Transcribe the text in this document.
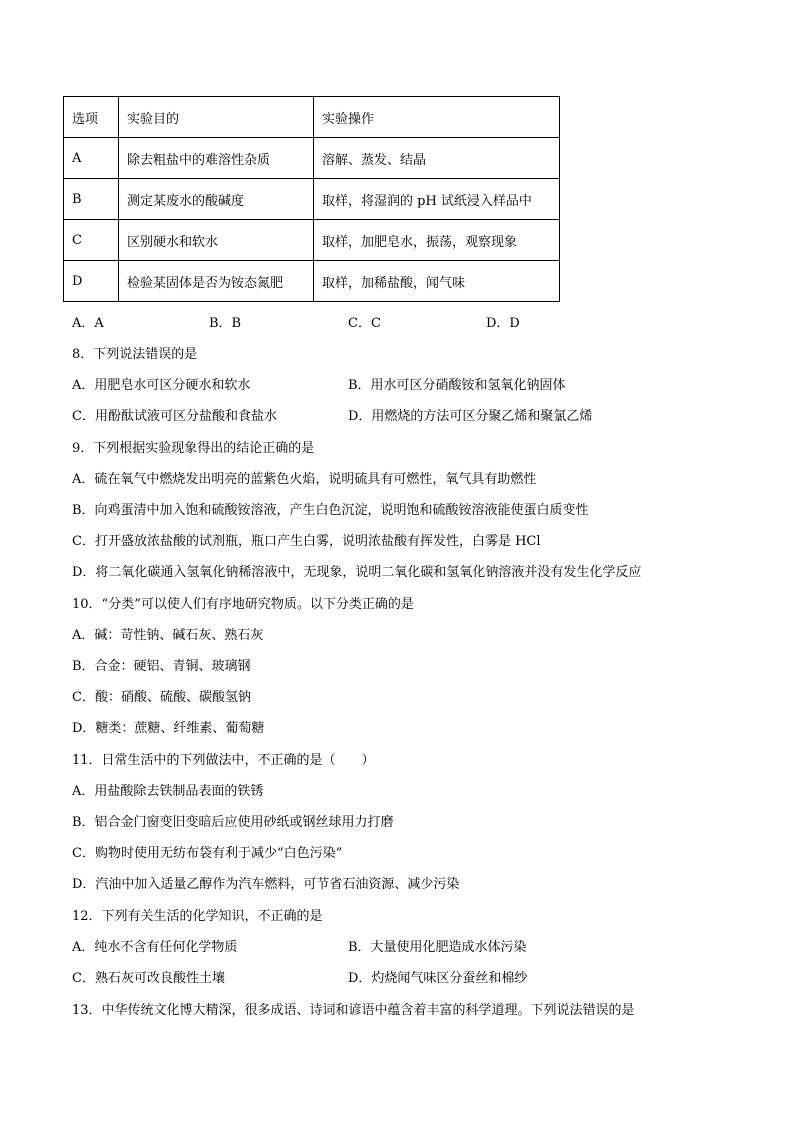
选项	实验目的	实验操作
A	除去粗盐中的难溶性杂质	溶解、蒸发、结晶
B	测定某废水的酸碱度	取样，将湿润的 pH 试纸浸入样品中
C	区别硬水和软水	取样，加肥皂水，振荡，观察现象
D	检验某固体是否为铵态氮肥	取样，加稀盐酸，闻气味
A．A	B．B	C．C	D．D
8．下列说法错误的是
A．用肥皂水可区分硬水和软水	B．用水可区分硝酸铵和氢氧化钠固体
C．用酚酞试液可区分盐酸和食盐水	D．用燃烧的方法可区分聚乙烯和聚氯乙烯
9．下列根据实验现象得出的结论正确的是
A．硫在氧气中燃烧发出明亮的蓝紫色火焰，说明硫具有可燃性，氧气具有助燃性
B．向鸡蛋清中加入饱和硫酸铵溶液，产生白色沉淀，说明饱和硫酸铵溶液能使蛋白质变性
C．打开盛放浓盐酸的试剂瓶，瓶口产生白雾，说明浓盐酸有挥发性，白雾是 HCl
D．将二氧化碳通入氢氧化钠稀溶液中，无现象，说明二氧化碳和氢氧化钠溶液并没有发生化学反应
10．“分类”可以使人们有序地研究物质。以下分类正确的是
A．碱：苛性钠、碱石灰、熟石灰
B．合金：硬铝、青铜、玻璃钢
C．酸：硝酸、硫酸、碳酸氢钠
D．糖类：蔗糖、纤维素、葡萄糖
11．日常生活中的下列做法中，不正确的是（　　）
A．用盐酸除去铁制品表面的铁锈
B．铝合金门窗变旧变暗后应使用砂纸或钢丝球用力打磨
C．购物时使用无纺布袋有利于减少“白色污染”
D．汽油中加入适量乙醇作为汽车燃料，可节省石油资源、减少污染
12．下列有关生活的化学知识，不正确的是
A．纯水不含有任何化学物质	B．大量使用化肥造成水体污染
C．熟石灰可改良酸性土壤	D．灼烧闻气味区分蚕丝和棉纱
13．中华传统文化博大精深，很多成语、诗词和谚语中蕴含着丰富的科学道理。下列说法错误的是
